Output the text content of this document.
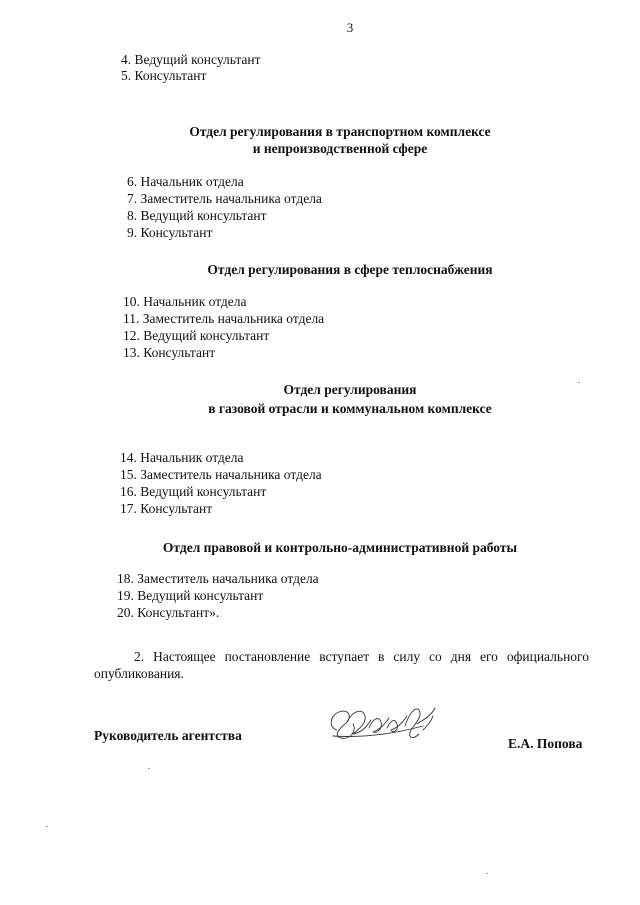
3
4. Ведущий консультант
5. Консультант
Отдел регулирования в транспортном комплексе
и непроизводственной сфере
6. Начальник отдела
7. Заместитель начальника отдела
8. Ведущий консультант
9. Консультант
Отдел регулирования в сфере теплоснабжения
10. Начальник отдела
11. Заместитель начальника отдела
12. Ведущий консультант
13. Консультант
Отдел регулирования
в газовой отрасли и коммунальном комплексе
14. Начальник отдела
15. Заместитель начальника отдела
16. Ведущий консультант
17. Консультант
Отдел правовой и контрольно-административной работы
18. Заместитель начальника отдела
19. Ведущий консультант
20. Консультант».
2. Настоящее постановление вступает в силу со дня его официального опубликования.
Руководитель агентства
Е.А. Попова
